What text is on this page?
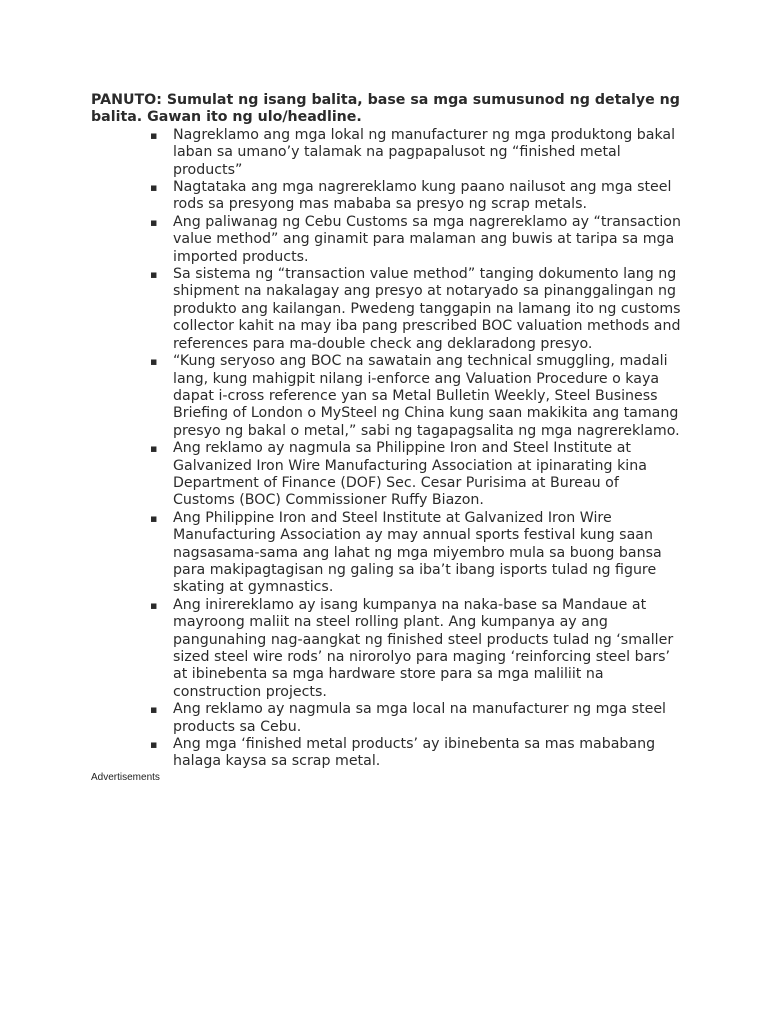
PANUTO: Sumulat ng isang balita, base sa mga sumusunod ng detalye ng balita. Gawan ito ng ulo/headline.

▪ Nagreklamo ang mga lokal ng manufacturer ng mga produktong bakal laban sa umano’y talamak na pagpapalusot ng “finished metal products”
▪ Nagtataka ang mga nagrereklamo kung paano nailusot ang mga steel rods sa presyong mas mababa sa presyo ng scrap metals.
▪ Ang paliwanag ng Cebu Customs sa mga nagrereklamo ay “transaction value method” ang ginamit para malaman ang buwis at taripa sa mga imported products.
▪ Sa sistema ng “transaction value method” tanging dokumento lang ng shipment na nakalagay ang presyo at notaryado sa pinanggalingan ng produkto ang kailangan. Pwedeng tanggapin na lamang ito ng customs collector kahit na may iba pang prescribed BOC valuation methods and references para ma-double check ang deklaradong presyo.
▪ “Kung seryoso ang BOC na sawatain ang technical smuggling, madali lang, kung mahigpit nilang i-enforce ang Valuation Procedure o kaya dapat i-cross reference yan sa Metal Bulletin Weekly, Steel Business Briefing of London o MySteel ng China kung saan makikita ang tamang presyo ng bakal o metal,” sabi ng tagapagsalita ng mga nagrereklamo.
▪ Ang reklamo ay nagmula sa Philippine Iron and Steel Institute at Galvanized Iron Wire Manufacturing Association at ipinarating kina Department of Finance (DOF) Sec. Cesar Purisima at Bureau of Customs (BOC) Commissioner Ruffy Biazon.
▪ Ang Philippine Iron and Steel Institute at Galvanized Iron Wire Manufacturing Association ay may annual sports festival kung saan nagsasama-sama ang lahat ng mga miyembro mula sa buong bansa para makipagtagisan ng galing sa iba’t ibang isports tulad ng figure skating at gymnastics.
▪ Ang inirereklamo ay isang kumpanya na naka-base sa Mandaue at mayroong maliit na steel rolling plant. Ang kumpanya ay ang pangunahing nag-aangkat ng finished steel products tulad ng ‘smaller sized steel wire rods’ na nirorolyo para maging ‘reinforcing steel bars’ at ibinebenta sa mga hardware store para sa mga maliliit na construction projects.
▪ Ang reklamo ay nagmula sa mga local na manufacturer ng mga steel products sa Cebu.
▪ Ang mga ‘finished metal products’ ay ibinebenta sa mas mababang halaga kaysa sa scrap metal.
Advertisements
